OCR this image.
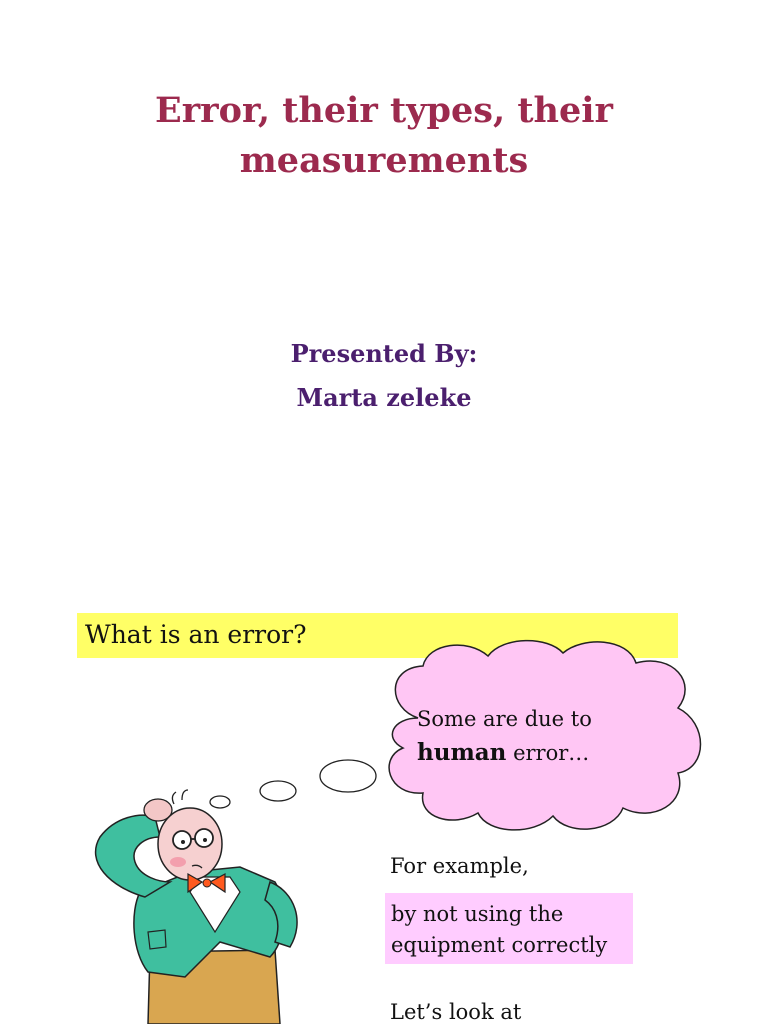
Error, their types, their
measurements
Presented By:
Marta zeleke
What is an error?
Some are due to
human error…
For example,
by not using the equipment correctly
Let’s look at
